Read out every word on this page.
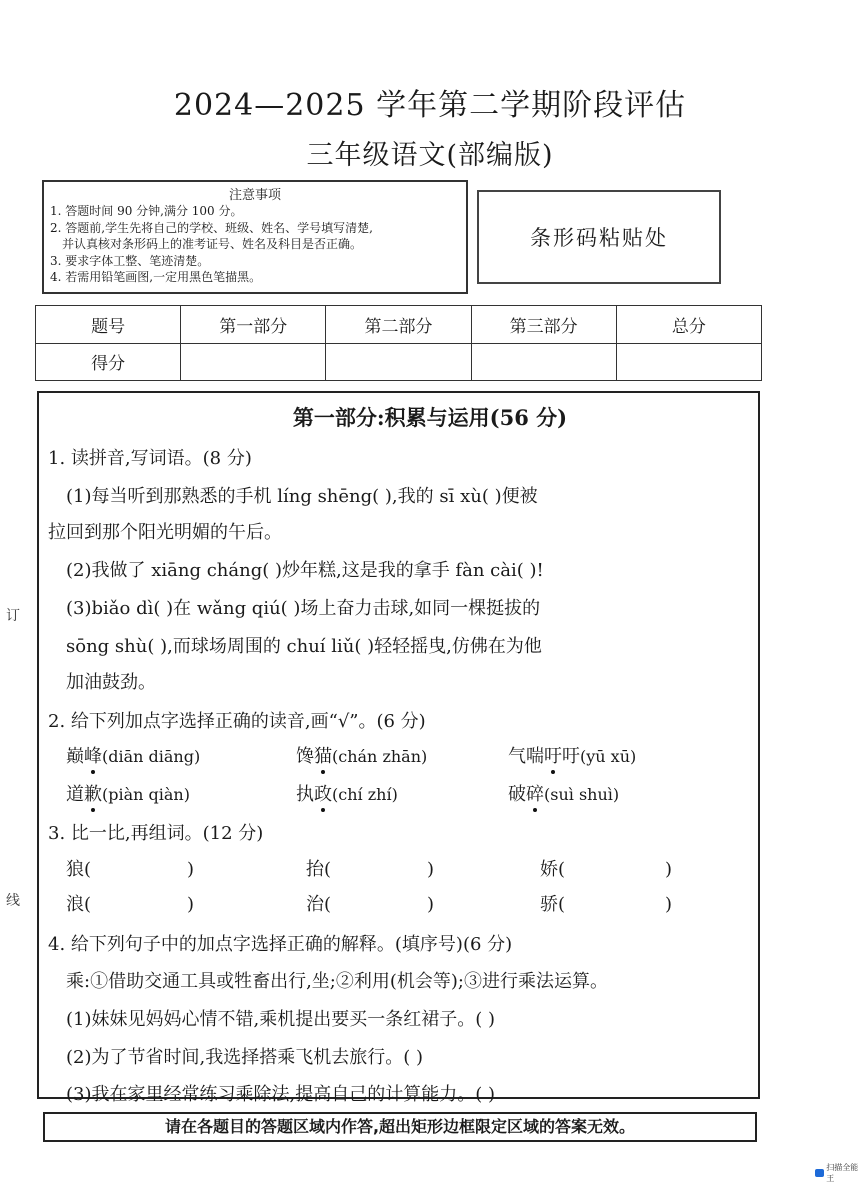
2024—2025 学年第二学期阶段评估
三年级语文(部编版)
注意事项
1. 答题时间 90 分钟,满分 100 分。
2. 答题前,学生先将自己的学校、班级、姓名、学号填写清楚,
并认真核对条形码上的准考证号、姓名及科目是否正确。
3. 要求字体工整、笔迹清楚。
4. 若需用铅笔画图,一定用黑色笔描黑。
条形码粘贴处
题号	第一部分	第二部分	第三部分	总分
得分				
订
线
第一部分:积累与运用(56 分)
1. 读拼音,写词语。(8 分)
(1)每当听到那熟悉的手机 líng shēng( ),我的 sī xù( )便被
拉回到那个阳光明媚的午后。
(2)我做了 xiāng cháng( )炒年糕,这是我的拿手 fàn cài( )!
(3)biǎo dì( )在 wǎng qiú( )场上奋力击球,如同一棵挺拔的
sōng shù( ),而球场周围的 chuí liǔ( )轻轻摇曳,仿佛在为他
加油鼓劲。
2. 给下列加点字选择正确的读音,画“√”。(6 分)
巅峰(diān diāng)	馋猫(chán zhān)	气喘吁吁(yū xū)
道歉(piàn qiàn)	执政(chí zhí)	破碎(suì shuì)
3. 比一比,再组词。(12 分)
狼(	)	抬(	)	娇(	)
浪(	)	治(	)	骄(	)
4. 给下列句子中的加点字选择正确的解释。(填序号)(6 分)
乘:①借助交通工具或牲畜出行,坐;②利用(机会等);③进行乘法运算。
(1)妹妹见妈妈心情不错,乘机提出要买一条红裙子。( )
(2)为了节省时间,我选择搭乘飞机去旅行。( )
(3)我在家里经常练习乘除法,提高自己的计算能力。( )
请在各题目的答题区域内作答,超出矩形边框限定区域的答案无效。
扫描全能王
